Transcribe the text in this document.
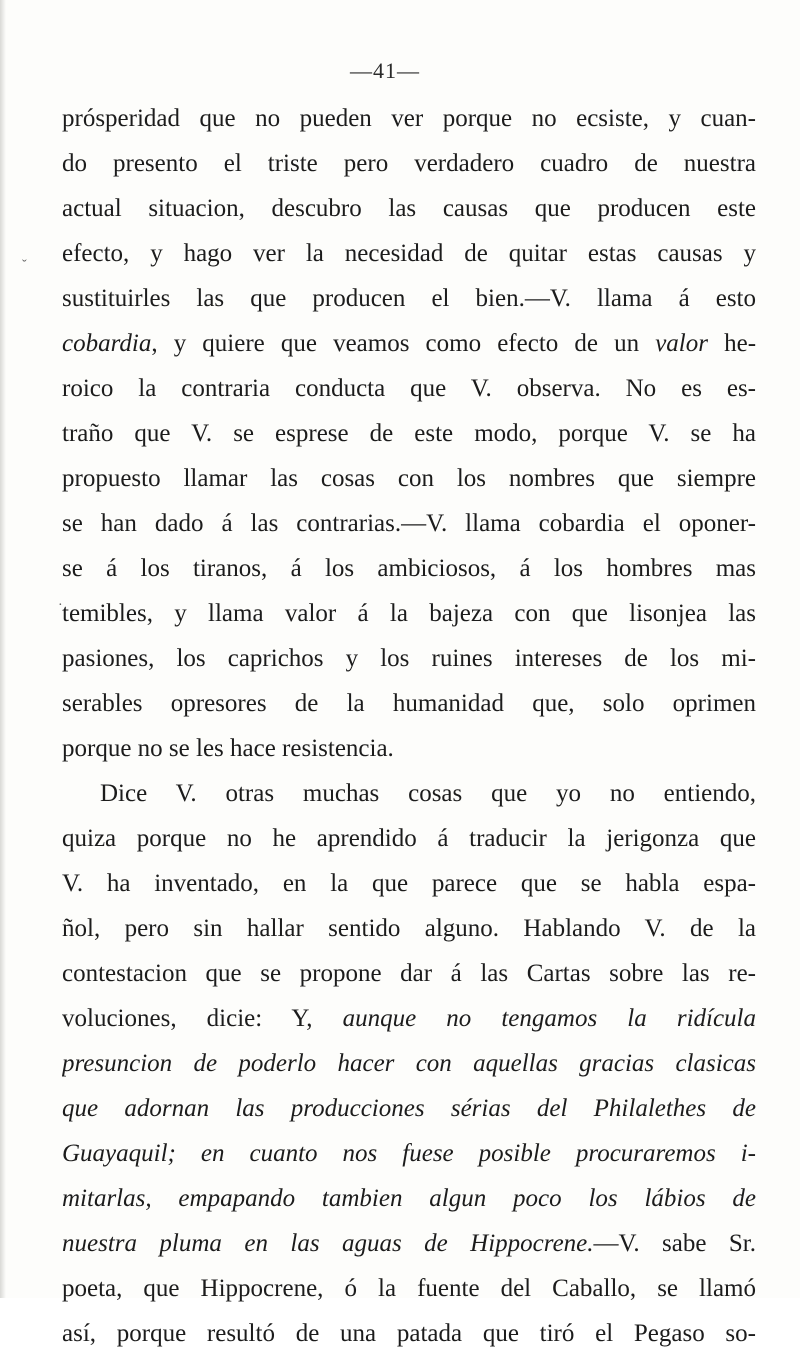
ˇ
·
—41—
prósperidad que no pueden ver porque no ecsiste, y cuan-
do presento el triste pero verdadero cuadro de nuestra
actual situacion, descubro las causas que producen este
efecto, y hago ver la necesidad de quitar estas causas y
sustituirles las que producen el bien.—V. llama á esto
cobardia, y quiere que veamos como efecto de un valor he-
roico la contraria conducta que V. observa. No es es-
traño que V. se esprese de este modo, porque V. se ha
propuesto llamar las cosas con los nombres que siempre
se han dado á las contrarias.—V. llama cobardia el oponer-
se á los tiranos, á los ambiciosos, á los hombres mas
temibles, y llama valor á la bajeza con que lisonjea las
pasiones, los caprichos y los ruines intereses de los mi-
serables opresores de la humanidad que, solo oprimen
porque no se les hace resistencia.
Dice V. otras muchas cosas que yo no entiendo,
quiza porque no he aprendido á traducir la jerigonza que
V. ha inventado, en la que parece que se habla espa-
ñol, pero sin hallar sentido alguno. Hablando V. de la
contestacion que se propone dar á las Cartas sobre las re-
voluciones, dicie: Y, aunque no tengamos la ridícula
presuncion de poderlo hacer con aquellas gracias clasicas
que adornan las producciones sérias del Philalethes de
Guayaquil; en cuanto nos fuese posible procuraremos i-
mitarlas, empapando tambien algun poco los lábios de
nuestra pluma en las aguas de Hippocrene.—V. sabe Sr.
poeta, que Hippocrene, ó la fuente del Caballo, se llamó
así, porque resultó de una patada que tiró el Pegaso so-
